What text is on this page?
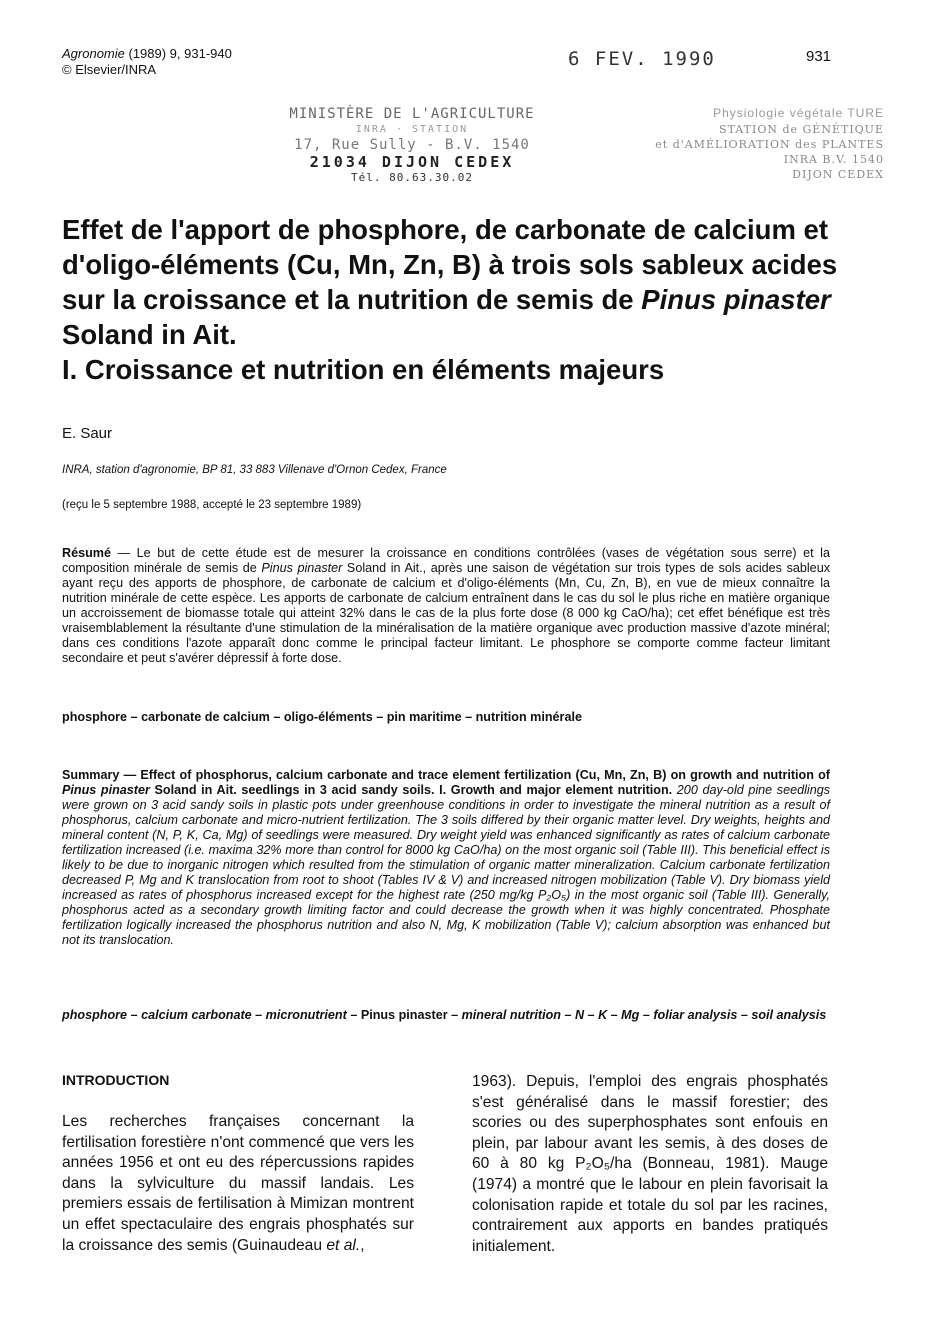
Agronomie (1989) 9, 931-940
© Elsevier/INRA	6 FEV. 1990	931
MINISTÈRE DE L'AGRICULTURE
INRA · STATION
17, Rue Sully - B.V. 1540
21034 DIJON CEDEX
Tél. 80.63.30.02
Physiologie végétale TURE
STATION de GÉNÉTIQUE
et d'AMÉLIORATION des PLANTES
INRA B.V. 1540
DIJON CEDEX
Effet de l'apport de phosphore, de carbonate de calcium et d'oligo-éléments (Cu, Mn, Zn, B) à trois sols sableux acides sur la croissance et la nutrition de semis de Pinus pinaster Soland in Ait.
I. Croissance et nutrition en éléments majeurs
E. Saur
INRA, station d'agronomie, BP 81, 33 883 Villenave d'Ornon Cedex, France
(reçu le 5 septembre 1988, accepté le 23 septembre 1989)
Résumé — Le but de cette étude est de mesurer la croissance en conditions contrôlées (vases de végétation sous serre) et la composition minérale de semis de Pinus pinaster Soland in Ait., après une saison de végétation sur trois types de sols acides sableux ayant reçu des apports de phosphore, de carbonate de calcium et d'oligo-éléments (Mn, Cu, Zn, B), en vue de mieux connaître la nutrition minérale de cette espèce. Les apports de carbonate de calcium entraînent dans le cas du sol le plus riche en matière organique un accroissement de biomasse totale qui atteint 32% dans le cas de la plus forte dose (8 000 kg CaO/ha); cet effet bénéfique est très vraisemblablement la résultante d'une stimulation de la minéralisation de la matière organique avec production massive d'azote minéral; dans ces conditions l'azote apparaît donc comme le principal facteur limitant. Le phosphore se comporte comme facteur limitant secondaire et peut s'avérer dépressif à forte dose.
phosphore – carbonate de calcium – oligo-éléments – pin maritime – nutrition minérale
Summary — Effect of phosphorus, calcium carbonate and trace element fertilization (Cu, Mn, Zn, B) on growth and nutrition of Pinus pinaster Soland in Ait. seedlings in 3 acid sandy soils. I. Growth and major element nutrition. 200 day-old pine seedlings were grown on 3 acid sandy soils in plastic pots under greenhouse conditions in order to investigate the mineral nutrition as a result of phosphorus, calcium carbonate and micro-nutrient fertilization. The 3 soils differed by their organic matter level. Dry weights, heights and mineral content (N, P, K, Ca, Mg) of seedlings were measured. Dry weight yield was enhanced significantly as rates of calcium carbonate fertilization increased (i.e. maxima 32% more than control for 8000 kg CaO/ha) on the most organic soil (Table III). This beneficial effect is likely to be due to inorganic nitrogen which resulted from the stimulation of organic matter mineralization. Calcium carbonate fertilization decreased P, Mg and K translocation from root to shoot (Tables IV & V) and increased nitrogen mobilization (Table V). Dry biomass yield increased as rates of phosphorus increased except for the highest rate (250 mg/kg P₂O₅) in the most organic soil (Table III). Generally, phosphorus acted as a secondary growth limiting factor and could decrease the growth when it was highly concentrated. Phosphate fertilization logically increased the phosphorus nutrition and also N, Mg, K mobilization (Table V); calcium absorption was enhanced but not its translocation.
phosphore – calcium carbonate – micronutrient – Pinus pinaster – mineral nutrition – N – K – Mg – foliar analysis – soil analysis
INTRODUCTION
Les recherches françaises concernant la fertilisation forestière n'ont commencé que vers les années 1956 et ont eu des répercussions rapides dans la sylviculture du massif landais. Les premiers essais de fertilisation à Mimizan montrent un effet spectaculaire des engrais phosphatés sur la croissance des semis (Guinaudeau et al.,
1963). Depuis, l'emploi des engrais phosphatés s'est généralisé dans le massif forestier; des scories ou des superphosphates sont enfouis en plein, par labour avant les semis, à des doses de 60 à 80 kg P₂O₅/ha (Bonneau, 1981). Mauge (1974) a montré que le labour en plein favorisait la colonisation rapide et totale du sol par les racines, contrairement aux apports en bandes pratiqués initialement.
